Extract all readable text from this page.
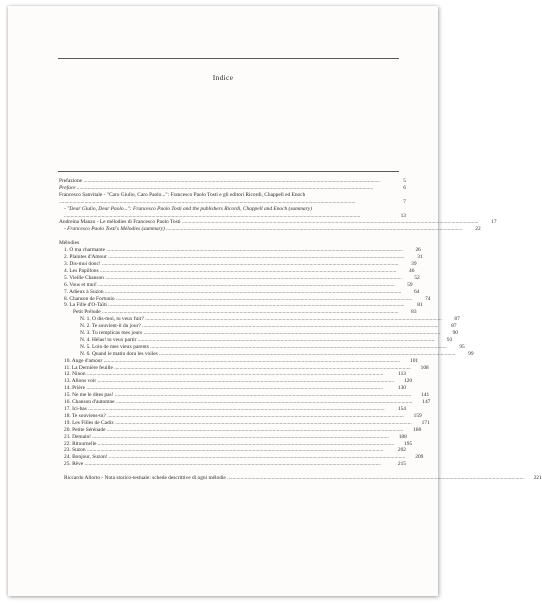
Indice
Prefazione ............................................................................................................................................................................................................................	5
Preface ............................................................................................................................................................................................................................	6
Francesco Sanvitale - "Caro Giulio, Caro Paolo...": Francesco Paolo Tosti e gli editori Ricordi, Chappell ed Enoch ............................................................................................................................................................................................................................	7
- "Dear Giulio, Dear Paolo...": Francesco Paolo Tosti and the publishers Ricordi, Chappell and Enoch (summary) ............................................................................................................................................................................................................................	13
Andreina Manzo - Le mélodies di Francesco Paolo Tosti ............................................................................................................................................................................................................................	17
- Francesco Paolo Tosti's Mélodies (summary) ............................................................................................................................................................................................................................	22
Mélodies
1. O ma charmante ............................................................................................................................................................................................................................	26
2. Plaintes d'Amour ............................................................................................................................................................................................................................	31
3. Dis-moi donc! ............................................................................................................................................................................................................................	39
4. Les Papillons ............................................................................................................................................................................................................................	46
5. Vieille Chanson ............................................................................................................................................................................................................................	52
6. Vous et moi! ............................................................................................................................................................................................................................	59
7. Adieux à Suzon ............................................................................................................................................................................................................................	64
8. Chanson de Fortunio ............................................................................................................................................................................................................................	74
9. La Fille d'O-Taïti ............................................................................................................................................................................................................................	81
Petit Prélude ............................................................................................................................................................................................................................	83
N. 1. O dis-moi, tu veux fuir? ............................................................................................................................................................................................................................	87
N. 2. Te souvient-il du jour? ............................................................................................................................................................................................................................	87
N. 3. Tu remplicas mes jours ............................................................................................................................................................................................................................	90
N. 4. Hélas! tu veux partir ............................................................................................................................................................................................................................	93
N. 5. Loin de mes vieux parents ............................................................................................................................................................................................................................	95
N. 6. Quand le matin dora les voiles ............................................................................................................................................................................................................................	99
10. Ange d'amour ............................................................................................................................................................................................................................	101
11. La Dernière feuille ............................................................................................................................................................................................................................	108
12. Ninon ............................................................................................................................................................................................................................	113
13. Allons voir ............................................................................................................................................................................................................................	120
14. Prière ............................................................................................................................................................................................................................	130
15. Ne me le dites pas! ............................................................................................................................................................................................................................	141
16. Chanson d'automne ............................................................................................................................................................................................................................	147
17. Ici-bas ............................................................................................................................................................................................................................	154
18. Te souviens-tu? ............................................................................................................................................................................................................................	159
19. Les Filles de Cadix ............................................................................................................................................................................................................................	171
20. Petite Sérénade ............................................................................................................................................................................................................................	180
21. Demain! ............................................................................................................................................................................................................................	188
22. Ritournelle ............................................................................................................................................................................................................................	195
23. Suzon ............................................................................................................................................................................................................................	202
24. Bonjour, Suzon! ............................................................................................................................................................................................................................	209
25. Rêve ............................................................................................................................................................................................................................	215
Riccardo Allorto - Nota storico-testuale: schede descrittive di ogni mélodie ............................................................................................................................................................................................................................	221
